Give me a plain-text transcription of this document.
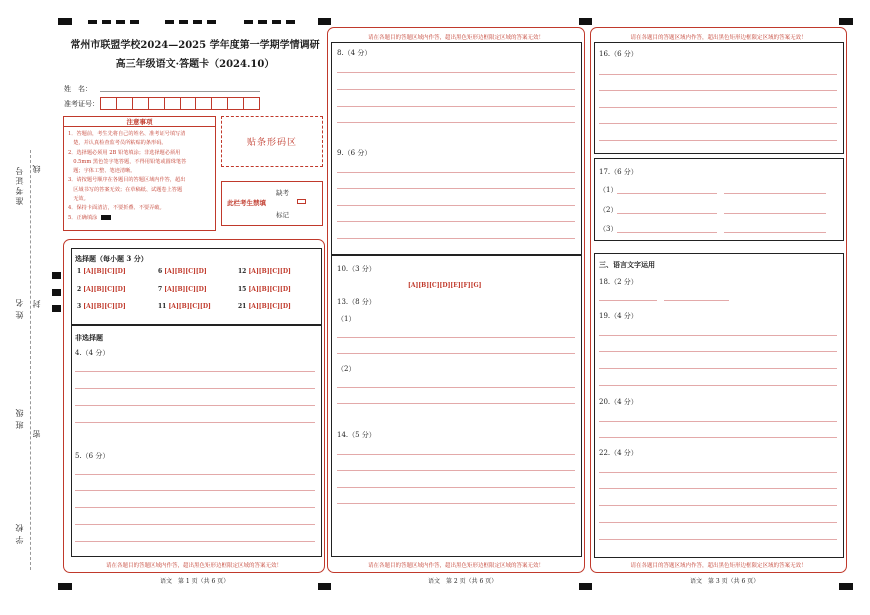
准考证号 线
姓名 封
班级
密
学校
常州市联盟学校2024—2025 学年度第一学期学情调研
高三年级语文·答题卡（2024.10）
姓　名：
准考证号：
注意事项
1．答题前，考生先将自己的姓名、准考证号填写清
　楚，并认真检查监考员所粘贴的条形码。
2．选择题必须用 2B 铅笔填涂；非选择题必须用
　0.5mm 黑色签字笔答题，不得用铅笔或圆珠笔答
　题；字体工整、笔迹清晰。
3．请按题号顺序在各题目的答题区域内作答，超出
　区域书写的答案无效；在草稿纸、试题卷上答题
　无效。
4．保持卡面清洁，不要折叠、不要弄破。
5．正确填涂
贴条形码区
此栏考生禁填
缺考
标记
选择题（每小题 3 分）
1 [A][B][C][D]	6 [A][B][C][D]	12 [A][B][C][D]
2 [A][B][C][D]	7 [A][B][C][D]	15 [A][B][C][D]
3 [A][B][C][D]	11 [A][B][C][D]	21 [A][B][C][D]
非选择题
4.（4 分）
5.（6 分）
请在各题目的答题区域内作答，超出黑色矩形边框限定区域的答案无效！
语文　第 1 页（共 6 页）
请在各题目的答题区域内作答，超出黑色矩形边框限定区域的答案无效！
8.（4 分）
9.（6 分）
10.（3 分）
[A][B][C][D][E][F][G]
13.（8 分）
（1）
（2）
14.（5 分）
请在各题目的答题区域内作答，超出黑色矩形边框限定区域的答案无效！
语文　第 2 页（共 6 页）
请在各题目的答题区域内作答，超出黑色矩形边框限定区域的答案无效！
16.（6 分）
17.（6 分）
（1）
（2）
（3）
三、语言文字运用
18.（2 分）
19.（4 分）
20.（4 分）
22.（4 分）
请在各题目的答题区域内作答，超出黑色矩形边框限定区域的答案无效！
语文　第 3 页（共 6 页）
